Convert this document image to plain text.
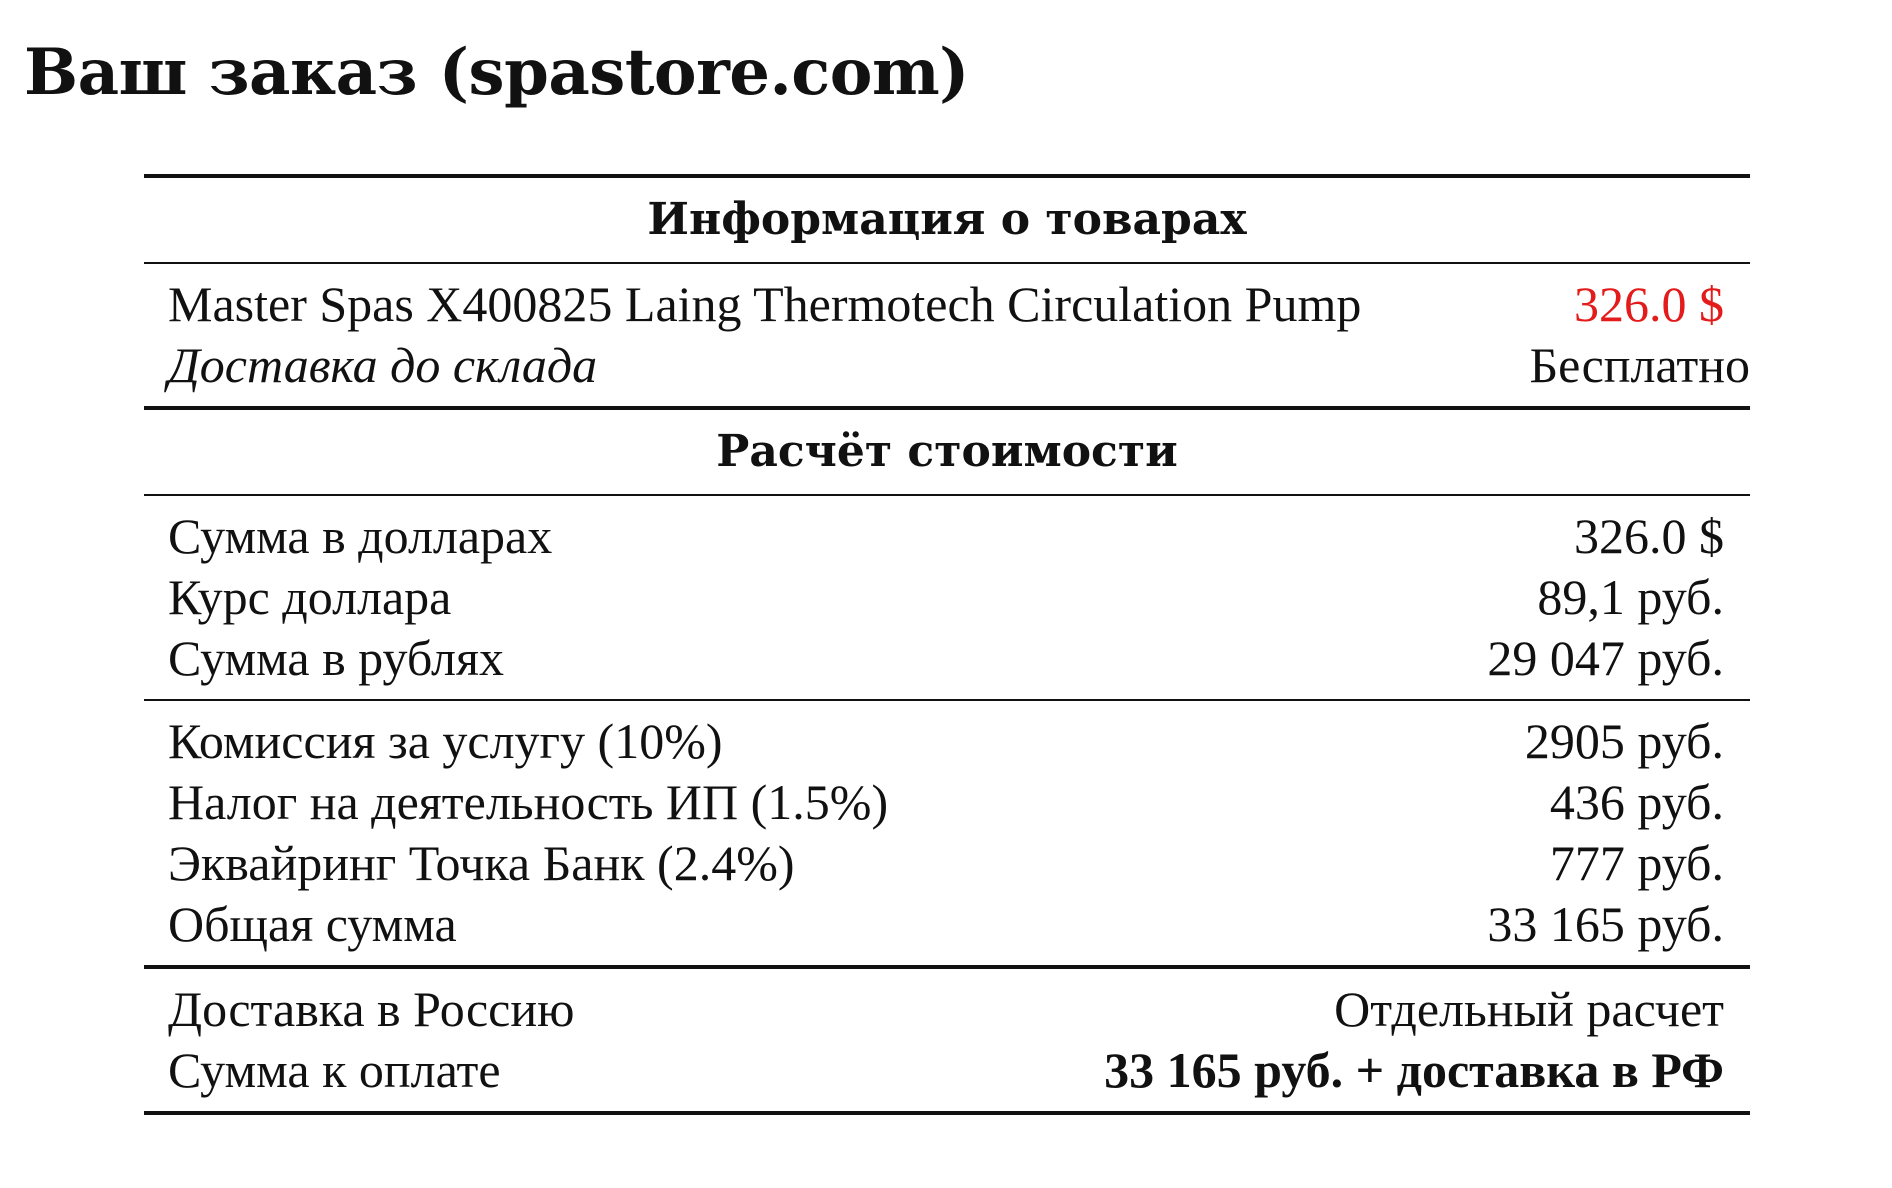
Ваш заказ (spastore.com)
Информация о товарах
Master Spas X400825 Laing Thermotech Circulation Pump	326.0 $
Доставка до склада	Бесплатно
Расчёт стоимости
Сумма в долларах	326.0 $
Курс доллара	89,1 руб.
Сумма в рублях	29 047 руб.
Комиссия за услугу (10%)	2905 руб.
Налог на деятельность ИП (1.5%)	436 руб.
Эквайринг Точка Банк (2.4%)	777 руб.
Общая сумма	33 165 руб.
Доставка в Россию	Отдельный расчет
Сумма к оплате	33 165 руб. + доставка в РФ
